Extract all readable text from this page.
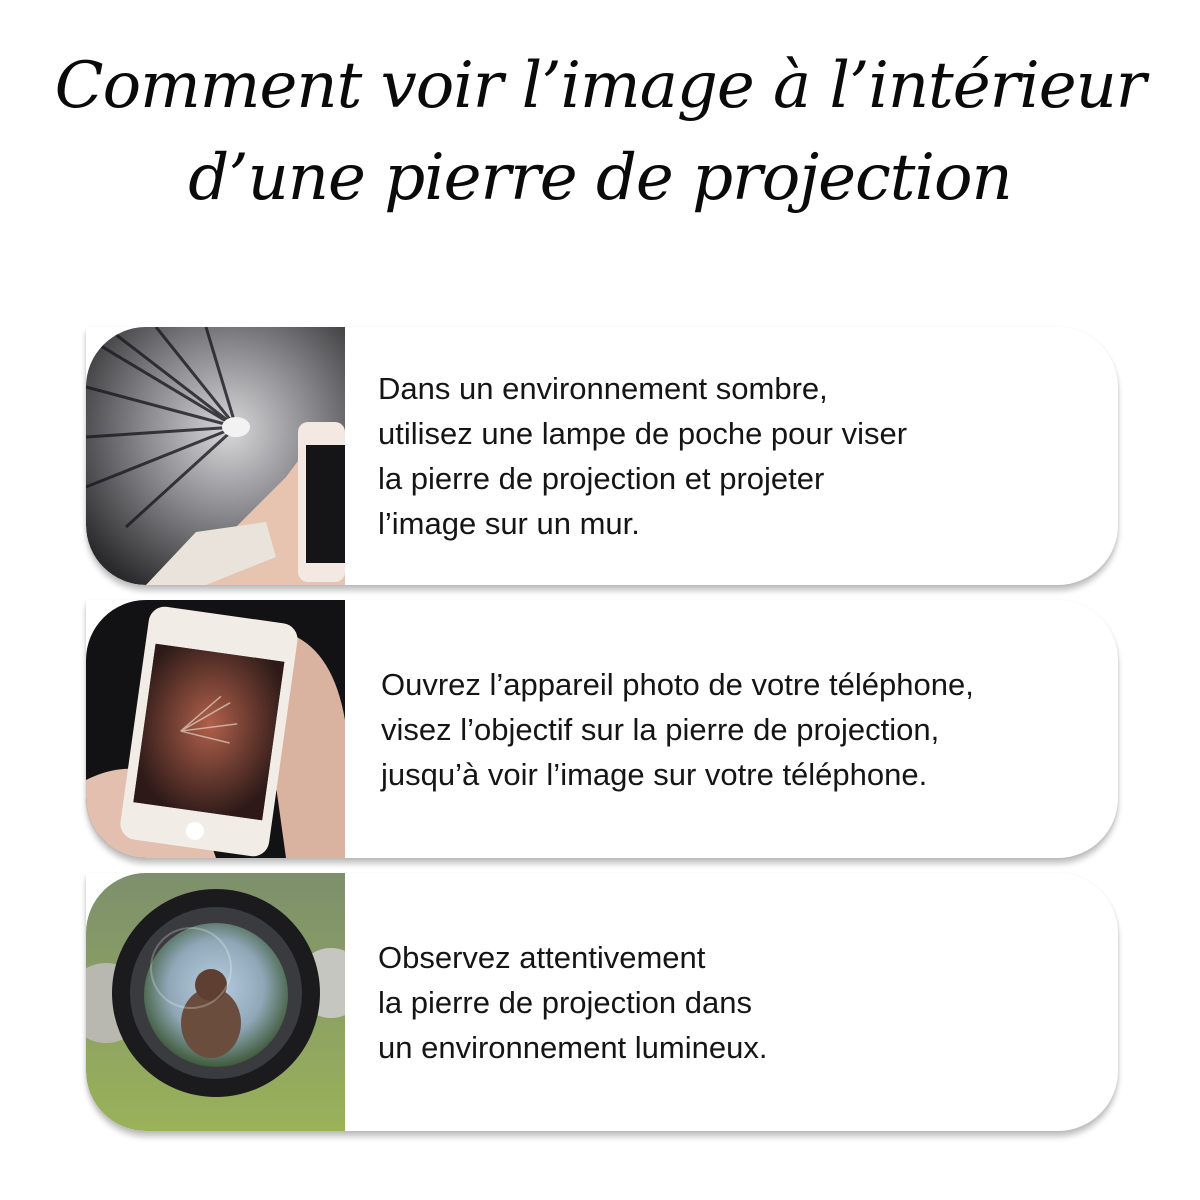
Comment voir l’image à l’intérieur
d’une pierre de projection
Dans un environnement sombre,
utilisez une lampe de poche pour viser
la pierre de projection et projeter
l’image sur un mur.
Ouvrez l’appareil photo de votre téléphone,
visez l’objectif sur la pierre de projection,
jusqu’à voir l’image sur votre téléphone.
Observez attentivement
la pierre de projection dans
un environnement lumineux.
